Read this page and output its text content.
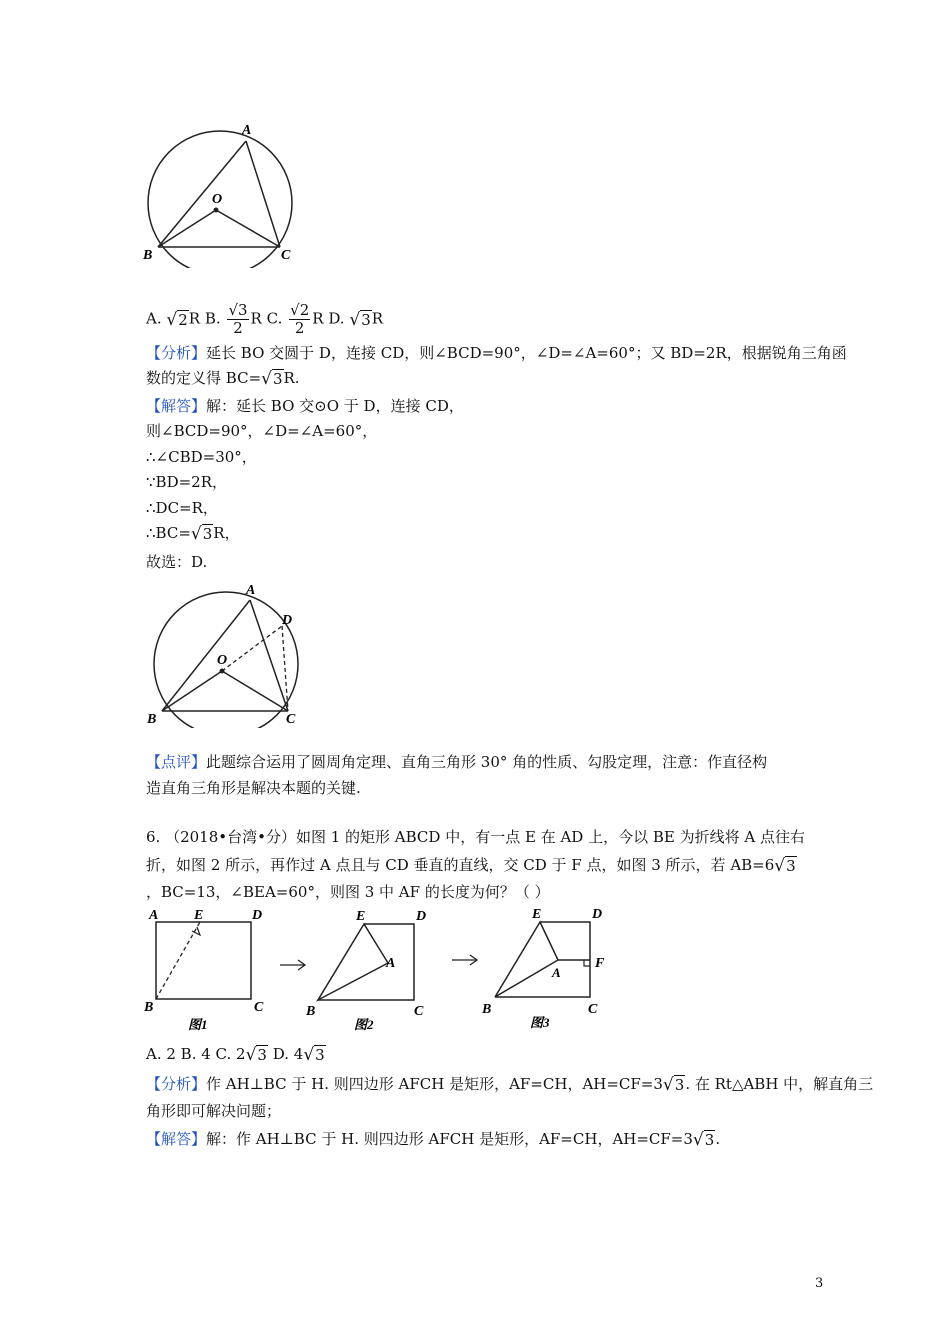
A
O
B	C
A. √2R B. $\frac{√3}{2}$ R C. $\frac{√2}{2}$ R D. √3R
【分析】延长 BO 交圆于 D，连接 CD，则∠BCD=90°，∠D=∠A=60°；又 BD=2R，根据锐角三角函
数的定义得 BC=√3R.
【解答】解：延长 BO 交⊙O 于 D，连接 CD，
则∠BCD=90°，∠D=∠A=60°，
∴∠CBD=30°，
∵BD=2R，
∴DC=R，
∴BC=√3R，
故选：D.
A
D
O
B	C
【点评】此题综合运用了圆周角定理、直角三角形 30° 角的性质、勾股定理，注意：作直径构
造直角三角形是解决本题的关键.
6. （2018•台湾•分）如图 1 的矩形 ABCD 中，有一点 E 在 AD 上，今以 BE 为折线将 A 点往右
折，如图 2 所示，再作过 A 点且与 CD 垂直的直线，交 CD 于 F 点，如图 3 所示，若 AB=6√3
，BC=13，∠BEA=60°，则图 3 中 AF 的长度为何？（ ）
A	E	D
B	C
图1
E	D
A
B	C
图2
E	D
A
F
B	C
图3
A. 2 B. 4 C. 2√3 D. 4√3
【分析】作 AH⊥BC 于 H. 则四边形 AFCH 是矩形，AF=CH，AH=CF=3√3. 在 Rt△ABH 中，解直角三
角形即可解决问题；
【解答】解：作 AH⊥BC 于 H. 则四边形 AFCH 是矩形，AF=CH，AH=CF=3√3.
3
